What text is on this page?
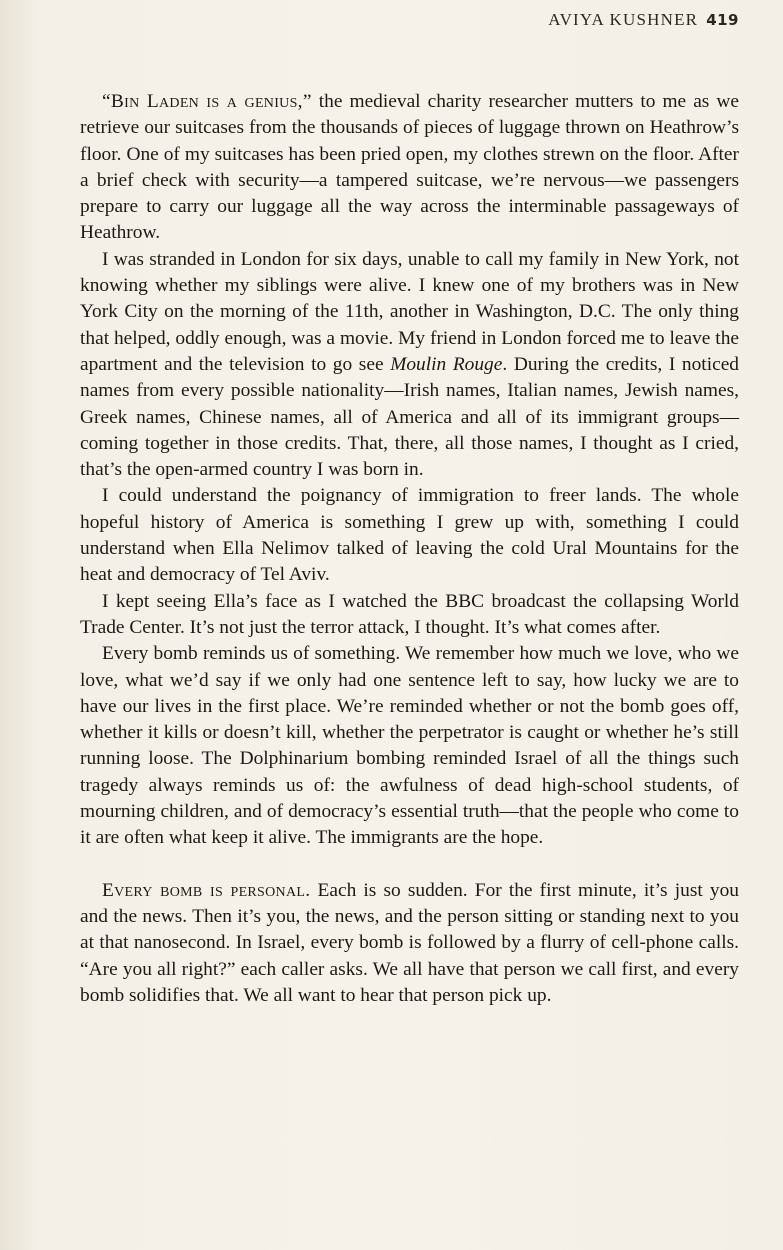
AVIYA KUSHNER 419

“Bin Laden is a genius,” the medieval charity researcher mutters to me as we retrieve our suitcases from the thousands of pieces of luggage thrown on Heathrow’s floor. One of my suitcases has been pried open, my clothes strewn on the floor. After a brief check with security—a tampered suitcase, we’re nervous—we passengers prepare to carry our luggage all the way across the interminable passageways of Heathrow.

I was stranded in London for six days, unable to call my family in New York, not knowing whether my siblings were alive. I knew one of my brothers was in New York City on the morning of the 11th, another in Washington, D.C. The only thing that helped, oddly enough, was a movie. My friend in London forced me to leave the apartment and the television to go see Moulin Rouge. During the credits, I noticed names from every possible nationality—Irish names, Italian names, Jewish names, Greek names, Chinese names, all of America and all of its immigrant groups—coming together in those credits. That, there, all those names, I thought as I cried, that’s the open-armed country I was born in.

I could understand the poignancy of immigration to freer lands. The whole hopeful history of America is something I grew up with, something I could understand when Ella Nelimov talked of leaving the cold Ural Mountains for the heat and democracy of Tel Aviv.

I kept seeing Ella’s face as I watched the BBC broadcast the collapsing World Trade Center. It’s not just the terror attack, I thought. It’s what comes after.

Every bomb reminds us of something. We remember how much we love, who we love, what we’d say if we only had one sentence left to say, how lucky we are to have our lives in the first place. We’re reminded whether or not the bomb goes off, whether it kills or doesn’t kill, whether the perpetrator is caught or whether he’s still running loose. The Dolphinarium bombing reminded Israel of all the things such tragedy always reminds us of: the awfulness of dead high-school students, of mourning children, and of democracy’s essential truth—that the people who come to it are often what keep it alive. The immigrants are the hope.

Every bomb is personal. Each is so sudden. For the first minute, it’s just you and the news. Then it’s you, the news, and the person sitting or standing next to you at that nanosecond. In Israel, every bomb is followed by a flurry of cell-phone calls. “Are you all right?” each caller asks. We all have that person we call first, and every bomb solidifies that. We all want to hear that person pick up.
